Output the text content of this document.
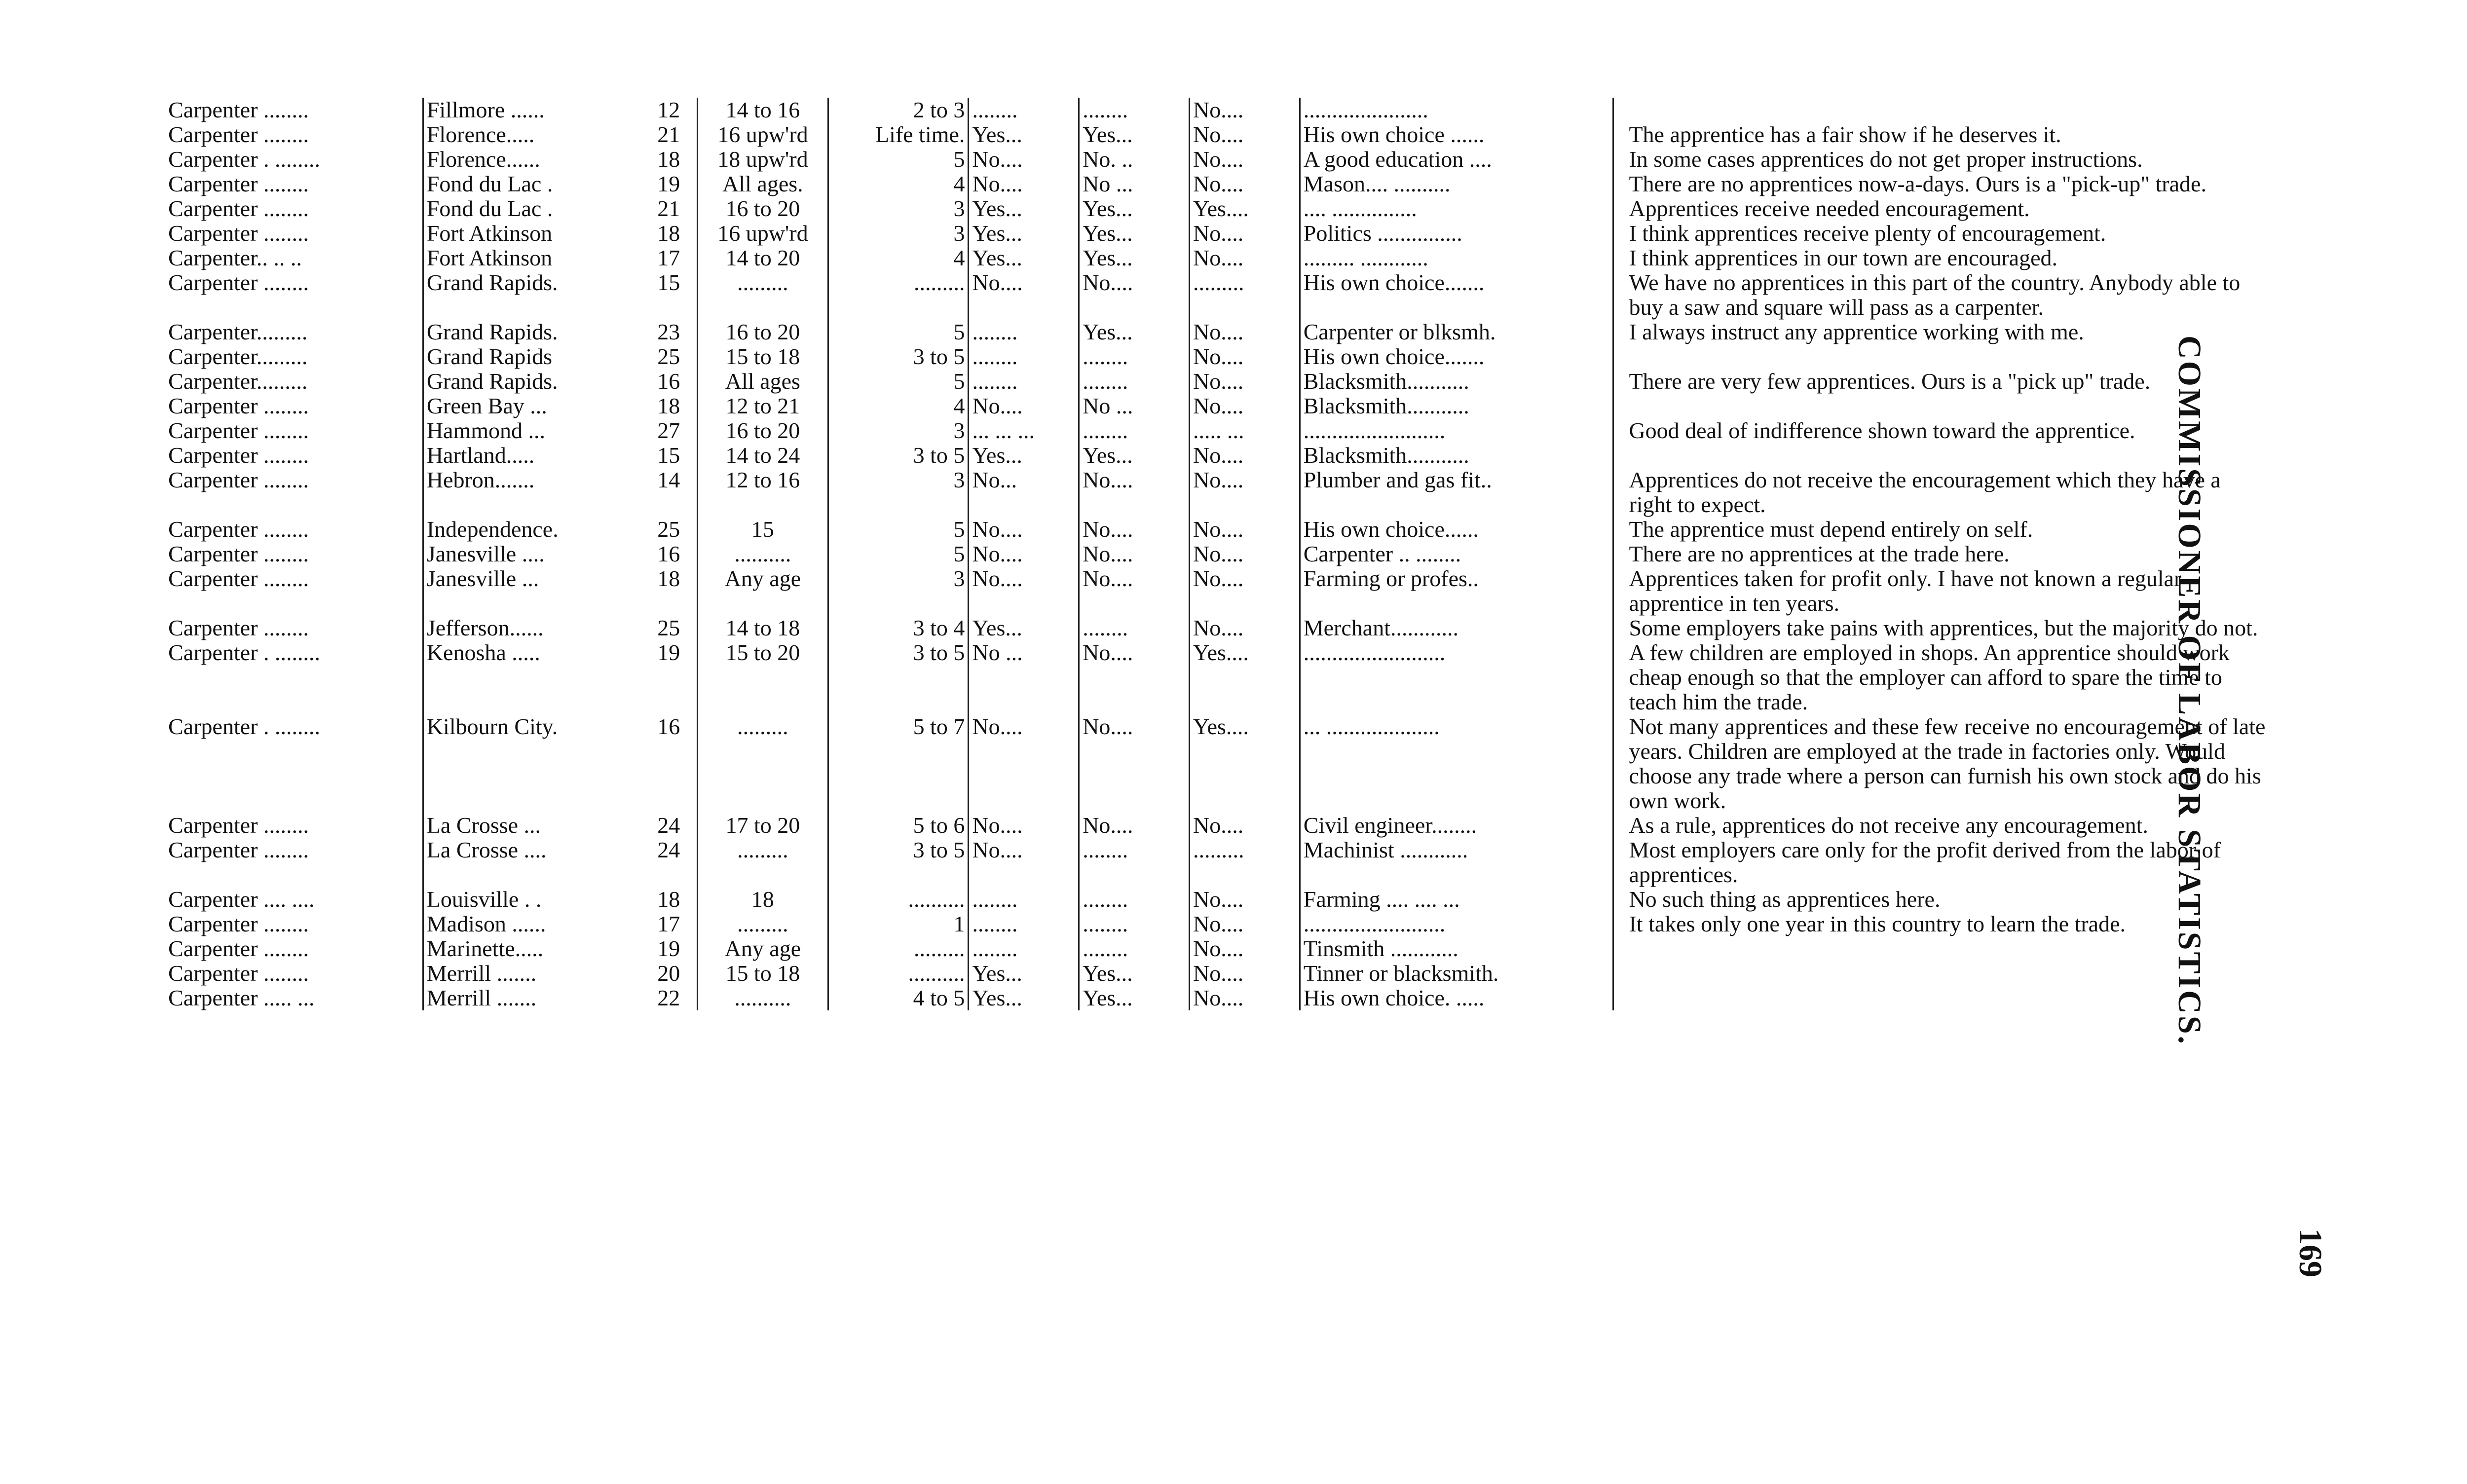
Carpenter ........	Fillmore ......	12	14 to 16	2 to 3	........	........	No....	......................	
Carpenter ........	Florence.....	21	16 upw'rd	Life time.	Yes...	Yes...	No....	His own choice ......	The apprentice has a fair show if he deserves it.
Carpenter . ........	Florence......	18	18 upw'rd	5	No....	No. ..	No....	A good education ....	In some cases apprentices do not get proper instructions.
Carpenter ........	Fond du Lac .	19	All ages.	4	No....	No ...	No....	Mason.... ..........	There are no apprentices now-a-days. Ours is a "pick-up" trade.
Carpenter ........	Fond du Lac .	21	16 to 20	3	Yes...	Yes...	Yes....	.... ...............	Apprentices receive needed encouragement.
Carpenter ........	Fort Atkinson	18	16 upw'rd	3	Yes...	Yes...	No....	Politics ...............	I think apprentices receive plenty of encouragement.
Carpenter.. .. ..	Fort Atkinson	17	14 to 20	4	Yes...	Yes...	No....	......... ............	I think apprentices in our town are encouraged.
Carpenter ........	Grand Rapids.	15	.........	.........	No....	No....	.........	His own choice.......	We have no apprentices in this part of the country. Anybody able to buy a saw and square will pass as a carpenter.
Carpenter.........	Grand Rapids.	23	16 to 20	5	........	Yes...	No....	Carpenter or blksmh.	I always instruct any apprentice working with me.
Carpenter.........	Grand Rapids	25	15 to 18	3 to 5	........	........	No....	His own choice.......	
Carpenter.........	Grand Rapids.	16	All ages	5	........	........	No....	Blacksmith...........	There are very few apprentices. Ours is a "pick up" trade.
Carpenter ........	Green Bay ...	18	12 to 21	4	No....	No ...	No....	Blacksmith...........	
Carpenter ........	Hammond ...	27	16 to 20	3	... ... ...	........	..... ...	.........................	Good deal of indifference shown toward the apprentice.
Carpenter ........	Hartland.....	15	14 to 24	3 to 5	Yes...	Yes...	No....	Blacksmith...........	
Carpenter ........	Hebron.......	14	12 to 16	3	No...	No....	No....	Plumber and gas fit..	Apprentices do not receive the encouragement which they have a right to expect.
Carpenter ........	Independence.	25	15	5	No....	No....	No....	His own choice......	The apprentice must depend entirely on self.
Carpenter ........	Janesville ....	16	..........	5	No....	No....	No....	Carpenter .. ........	There are no apprentices at the trade here.
Carpenter ........	Janesville ...	18	Any age	3	No....	No....	No....	Farming or profes..	Apprentices taken for profit only. I have not known a regular apprentice in ten years.
Carpenter ........	Jefferson......	25	14 to 18	3 to 4	Yes...	........	No....	Merchant............	Some employers take pains with apprentices, but the majority do not.
Carpenter . ........	Kenosha .....	19	15 to 20	3 to 5	No ...	No....	Yes....	.........................	A few children are employed in shops. An apprentice should work cheap enough so that the employer can afford to spare the time to teach him the trade.
Carpenter . ........	Kilbourn City.	16	.........	5 to 7	No....	No....	Yes....	... ....................	Not many apprentices and these few receive no encouragement of late years. Children are employed at the trade in factories only. Would choose any trade where a person can furnish his own stock and do his own work.
Carpenter ........	La Crosse ...	24	17 to 20	5 to 6	No....	No....	No....	Civil engineer........	As a rule, apprentices do not receive any encouragement.
Carpenter ........	La Crosse ....	24	.........	3 to 5	No....	........	.........	Machinist ............	Most employers care only for the profit derived from the labor of apprentices.
Carpenter .... ....	Louisville . .	18	18	..........	........	........	No....	Farming .... .... ...	No such thing as apprentices here.
Carpenter ........	Madison ......	17	.........	1	........	........	No....	.........................	It takes only one year in this country to learn the trade.
Carpenter ........	Marinette.....	19	Any age	.........	........	........	No....	Tinsmith ............	
Carpenter ........	Merrill .......	20	15 to 18	..........	Yes...	Yes...	No....	Tinner or blacksmith.	
Carpenter ..... ...	Merrill .......	22	..........	4 to 5	Yes...	Yes...	No....	His own choice. .....		COMMISSIONER OF LABOR STATISTICS.
169
